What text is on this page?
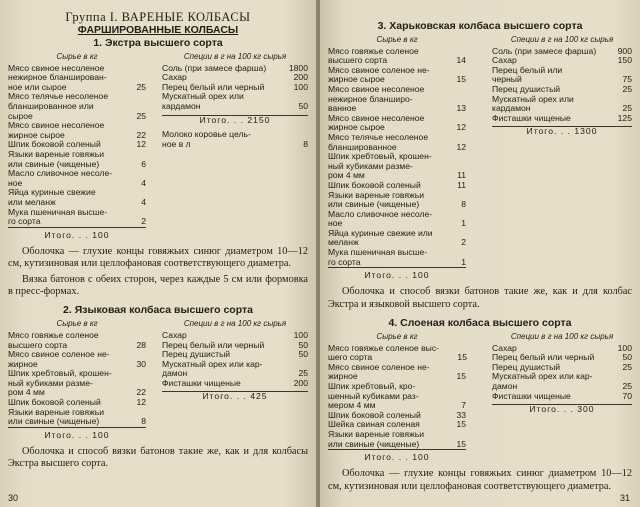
Группа I. ВАРЕНЫЕ КОЛБАСЫ
ФАРШИРОВАННЫЕ КОЛБАСЫ
1. Экстра высшего сорта
Сырье в кг
Мясо свиное несоленое
нежирное бланширован-
ное или сырое	25
Мясо телячье несоленое
бланшированное или
сырое	25
Мясо свиное несоленое
жирное сырое	22
Шпик боковой соленый	12
Языки вареные говяжьи
или свиные (чищеные)	6
Масло сливочное несоле-
ное	4
Яйца куриные свежие
или меланж	4
Мука пшеничная высше-
го сорта	2
Специи в г на 100 кг сырья
Соль (при замесе фарша)	1800
Сахар	200
Перец белый или черный	100
Мускатный орех или
кардамон	50
Итого. . . 2150
Молоко коровье цель-
ное в л	8
Итого. . . 100

Оболочка — глухие концы говяжьих синюг диаметром 10—12 см, кутизиновая или целлофановая соответствующего диаметра.

Вязка батонов с обеих сторон, через каждые 5 см или формовка в пресс-формах.

2. Языковая колбаса высшего сорта
Сырье в кг
Мясо говяжье соленое
высшего сорта	28
Мясо свиное соленое не-
жирное	30
Шпик хребтовый, крошен-
ный кубиками разме-
ром 4 мм	22
Шпик боковой соленый	12
Языки вареные говяжьи
или свиные (чищеные)	8
Специи в г на 100 кг сырья
Сахар	100
Перец белый или черный	50
Перец душистый	50
Мускатный орех или кар-
дамон	25
Фисташки чищеные	200
Итого. . . 425
Итого. . . 100

Оболочка и способ вязки батонов такие же, как и для колбасы Экстра высшего сорта.

30
3. Харьковская колбаса высшего сорта
Сырье в кг
Мясо говяжье соленое
высшего сорта	14
Мясо свиное соленое не-
жирное сырое	15
Мясо свиное несоленое
нежирное бланширо-
ванное	13
Мясо свиное несоленое
жирное сырое	12
Мясо телячье несоленое
бланшированное	12
Шпик хребтовый, крошен-
ный кубиками разме-
ром 4 мм	11
Шпик боковой соленый	11
Языки вареные говяжьи
или свиные (чищеные)	8
Масло сливочное несоле-
ное	1
Яйца куриные свежие или
меланж	2
Мука пшеничная высше-
го сорта	1
Специи в г на 100 кг сырья
Соль (при замесе фарша)	900
Сахар	150
Перец белый или
черный	75
Перец душистый	25
Мускатный орех или
кардамон	25
Фисташки чищеные	125
Итого. . . 1300
Итого. . . 100

Оболочка и способ вязки батонов такие же, как и для колбас Экстра и языковой высшего сорта.

4. Слоеная колбаса высшего сорта
Сырье в кг
Мясо говяжье соленое выс-
шего сорта	15
Мясо свиное соленое не-
жирное	15
Шпик хребтовый, кро-
шенный кубиками раз-
мером 4 мм	7
Шпик боковой соленый	33
Шейка свиная соленая	15
Языки вареные говяжьи
или свиные (чищеные)	15
Специи в г на 100 кг сырья
Сахар	100
Перец белый или черный	50
Перец душистый	25
Мускатный орех или кар-
дамон	25
Фисташки чищеные	70
Итого. . . 300
Итого. . . 100

Оболочка — глухие концы говяжьих синюг диаметром 10—12 см, кутизиновая или целлофановая соответствующего диаметра.

31
